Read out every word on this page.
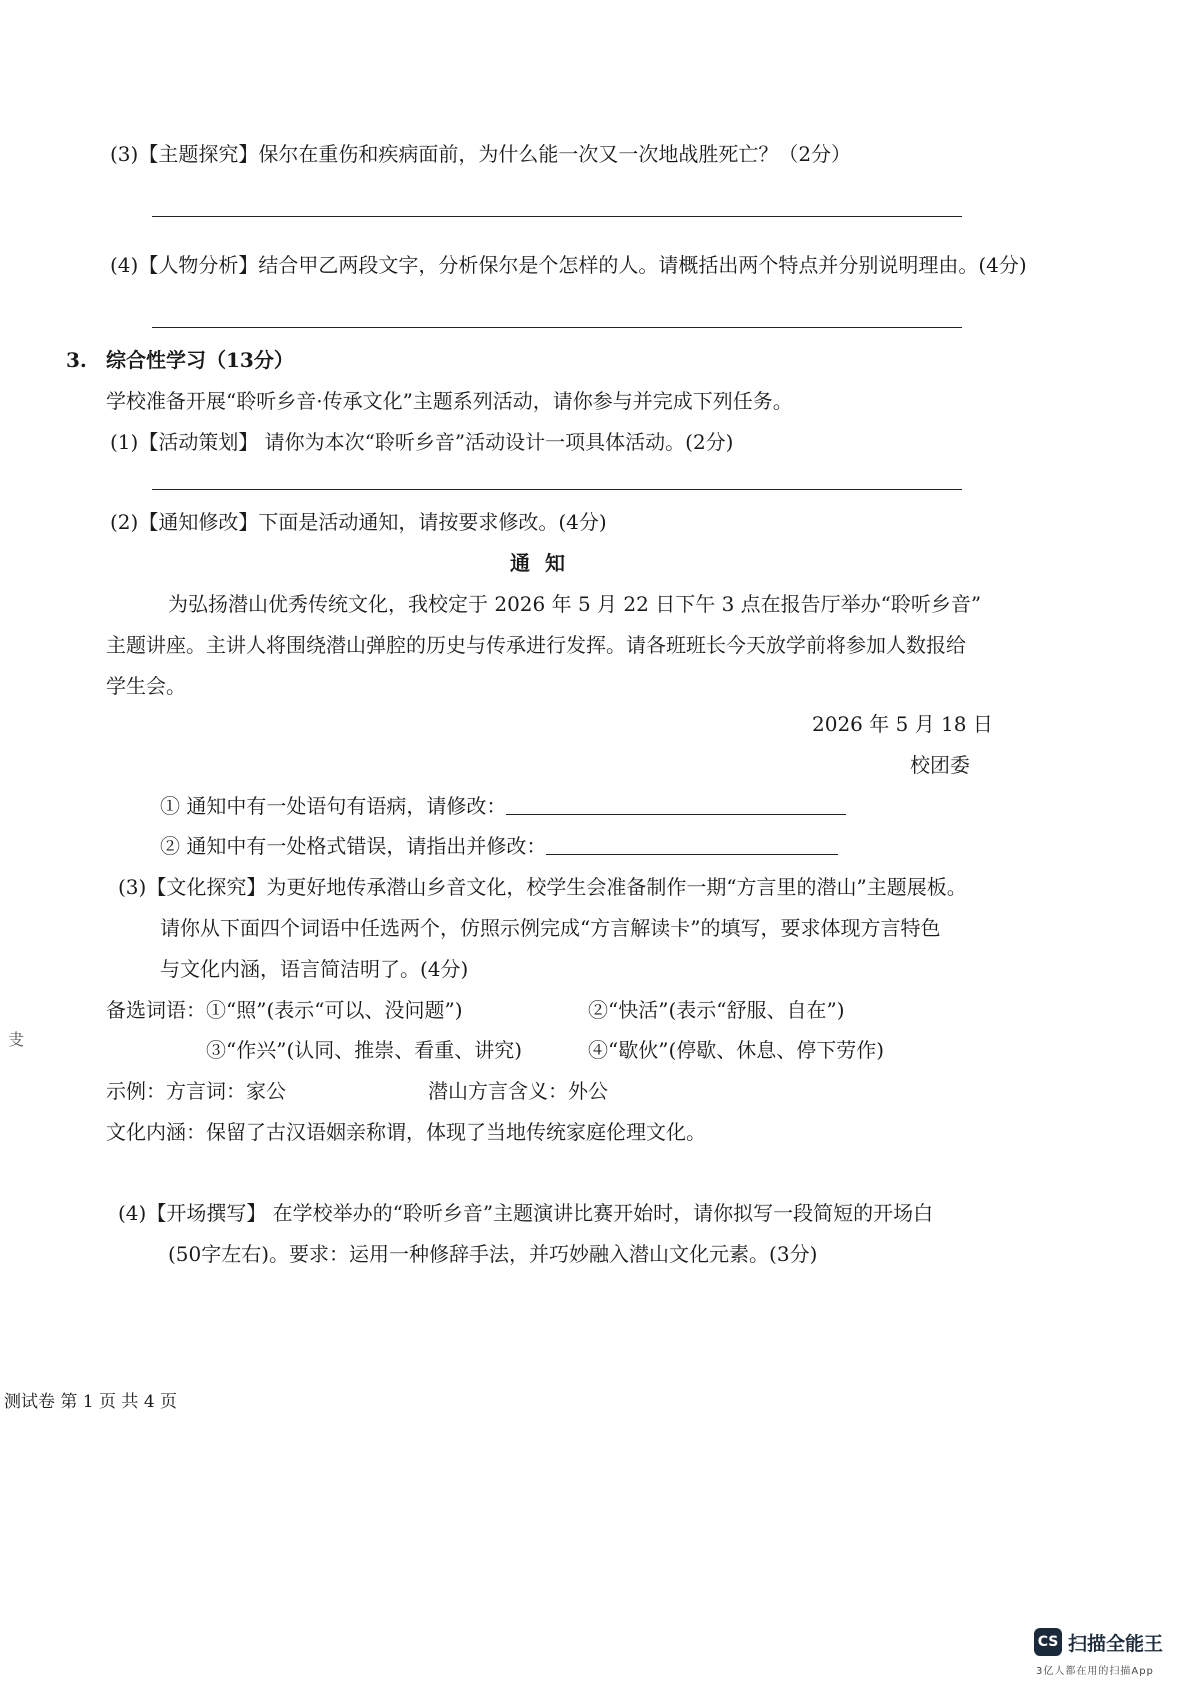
(3)【主题探究】保尔在重伤和疾病面前，为什么能一次又一次地战胜死亡？（2分）
(4)【人物分析】结合甲乙两段文字，分析保尔是个怎样的人。请概括出两个特点并分别说明理由。(4分)
3. 综合性学习（13分）
学校准备开展“聆听乡音·传承文化”主题系列活动，请你参与并完成下列任务。
(1)【活动策划】 请你为本次“聆听乡音”活动设计一项具体活动。(2分)
(2)【通知修改】下面是活动通知，请按要求修改。(4分)
通 知
为弘扬潜山优秀传统文化，我校定于 2026 年 5 月 22 日下午 3 点在报告厅举办“聆听乡音”
主题讲座。主讲人将围绕潜山弹腔的历史与传承进行发挥。请各班班长今天放学前将参加人数报给
学生会。
2026 年 5 月 18 日
校团委
① 通知中有一处语句有语病，请修改：
② 通知中有一处格式错误，请指出并修改：
(3)【文化探究】为更好地传承潜山乡音文化，校学生会准备制作一期“方言里的潜山”主题展板。
请你从下面四个词语中任选两个，仿照示例完成“方言解读卡”的填写，要求体现方言特色
与文化内涵，语言简洁明了。(4分)
备选词语： ①“照”(表示“可以、没问题”)	②“快活”(表示“舒服、自在”)
③“作兴”(认同、推崇、看重、讲究)	④“歇伙”(停歇、休息、停下劳作)
示例：方言词：家公	潜山方言含义：外公
文化内涵：保留了古汉语姻亲称谓，体现了当地传统家庭伦理文化。
(4)【开场撰写】 在学校举办的“聆听乡音”主题演讲比赛开始时，请你拟写一段简短的开场白
(50字左右)。要求：运用一种修辞手法，并巧妙融入潜山文化元素。(3分)
叏
测试卷 第 1 页 共 4 页
CS 扫描全能王
3亿人都在用的扫描App
